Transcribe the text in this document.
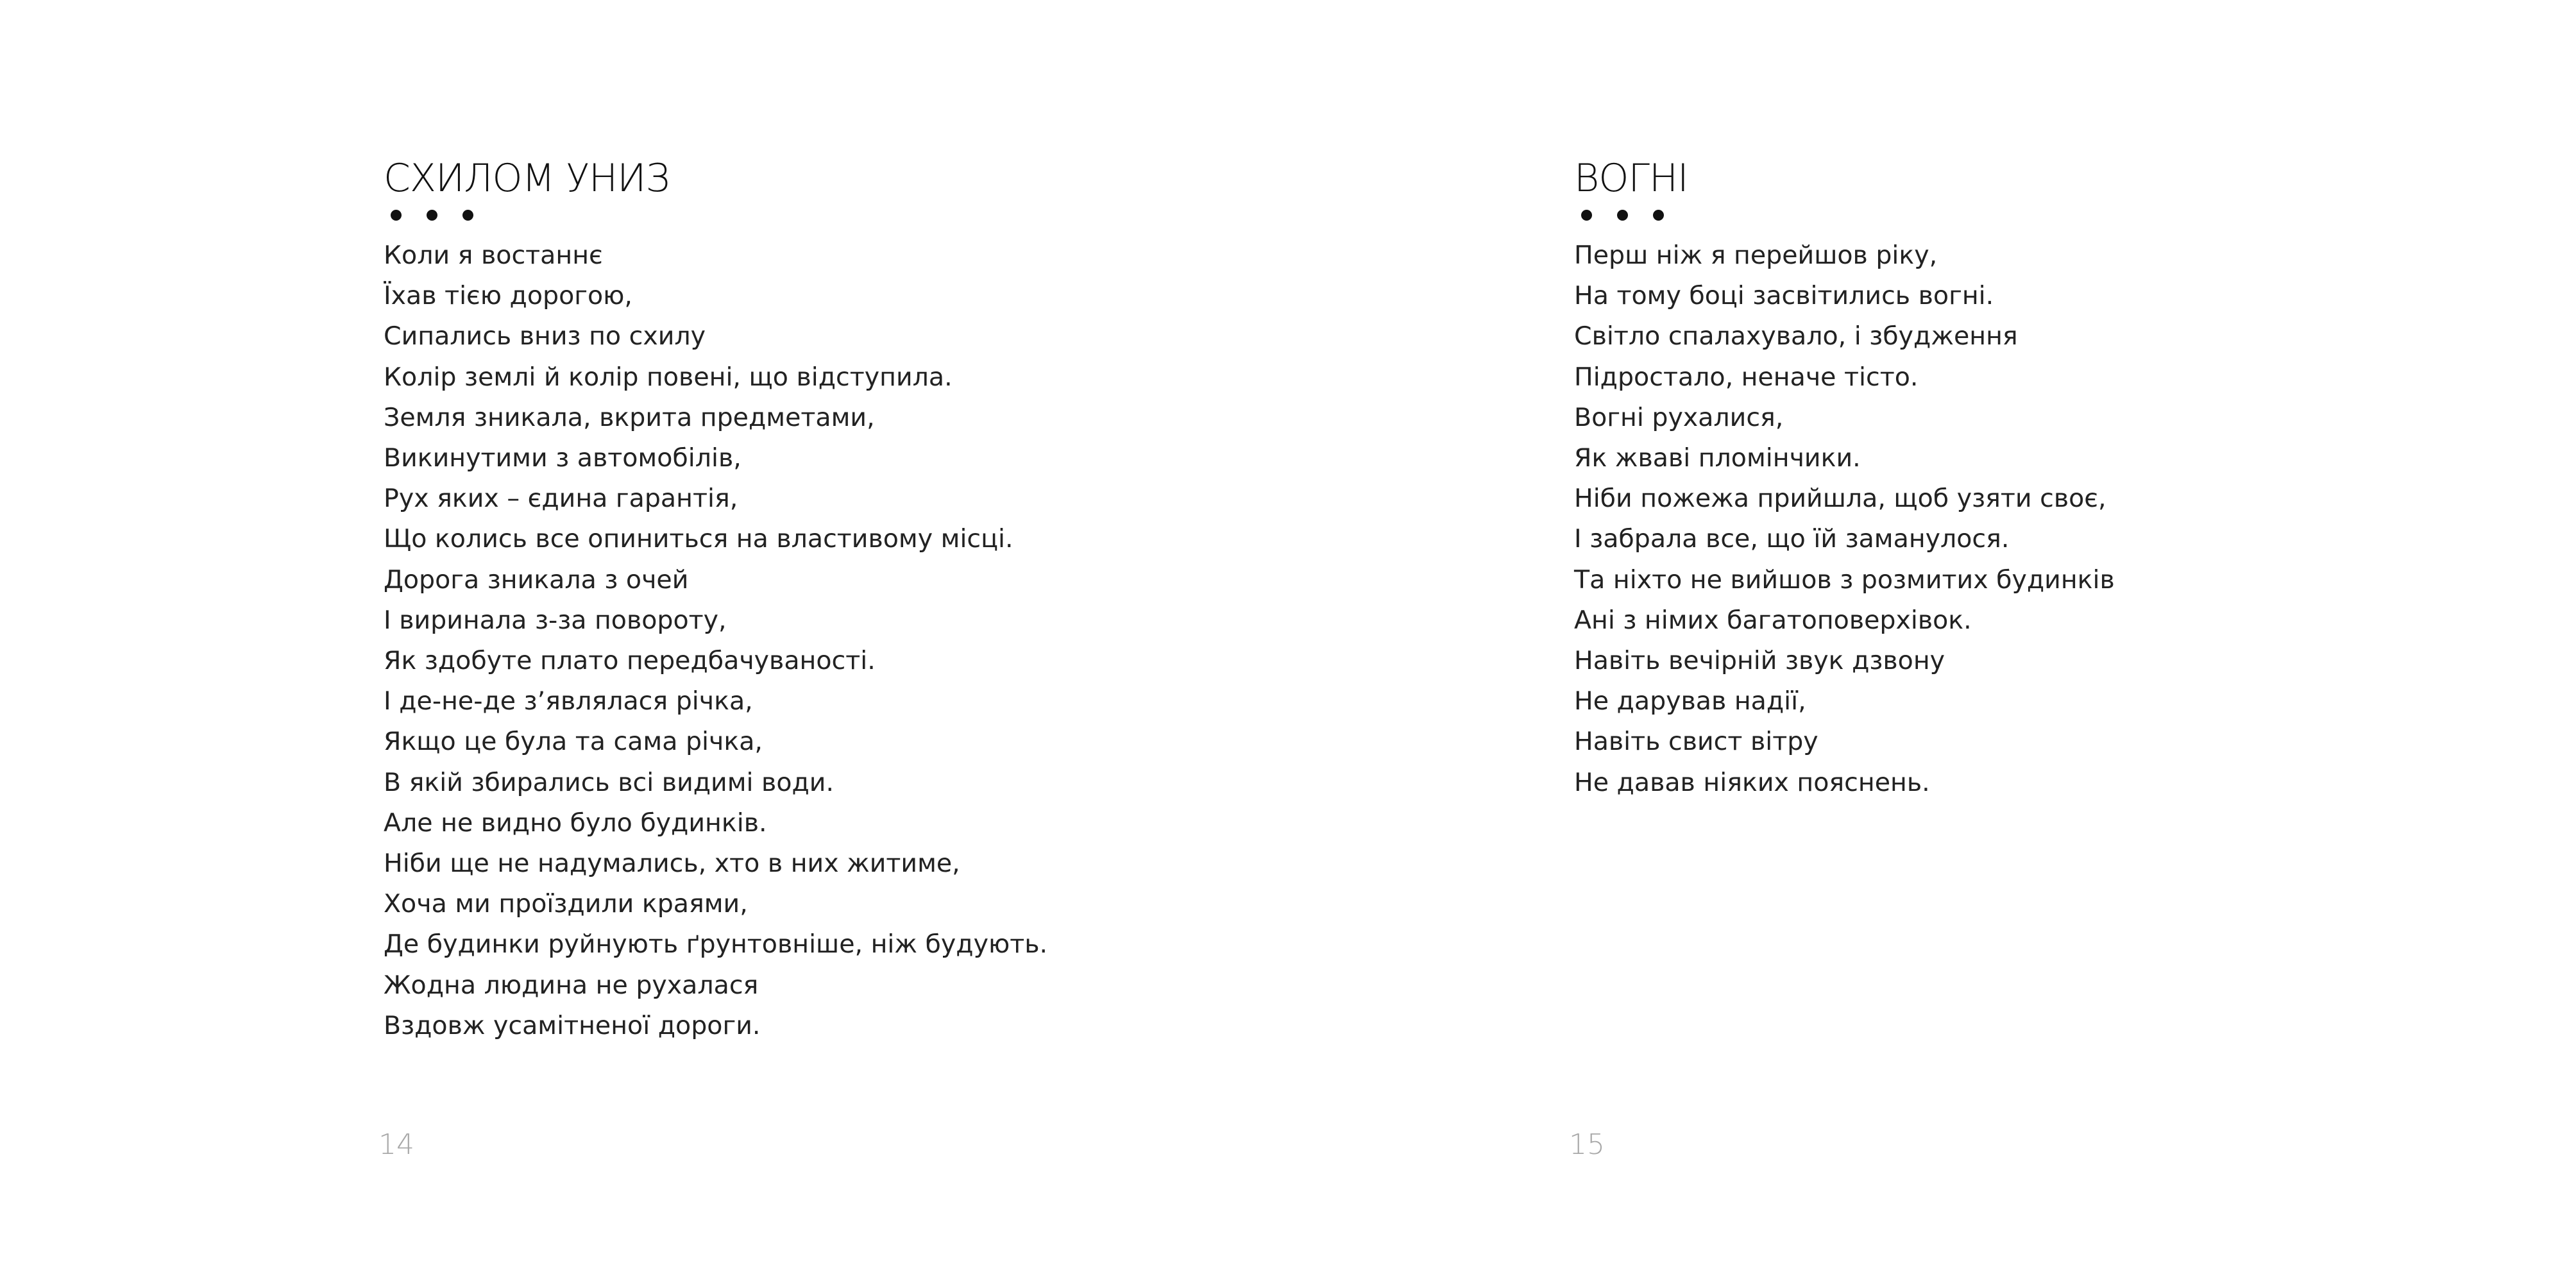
СХИЛОМ УНИЗ
Коли я востаннє
Їхав тією дорогою,
Сипались вниз по схилу
Колір землі й колір повені, що відступила.
Земля зникала, вкрита предметами,
Викинутими з автомобілів,
Рух яких – єдина гарантія,
Що колись все опиниться на властивому місці.
Дорога зникала з очей
І виринала з-за повороту,
Як здобуте плато передбачуваності.
І де-не-де з’являлася річка,
Якщо це була та сама річка,
В якій збирались всі видимі води.
Але не видно було будинків.
Ніби ще не надумались, хто в них житиме,
Хоча ми проїздили краями,
Де будинки руйнують ґрунтовніше, ніж будують.
Жодна людина не рухалася
Вздовж усамітненої дороги.
14
ВОГНІ
Перш ніж я перейшов ріку,
На тому боці засвітились вогні.
Світло спалахувало, і збудження
Підростало, неначе тісто.
Вогні рухалися,
Як жваві пломінчики.
Ніби пожежа прийшла, щоб узяти своє,
І забрала все, що їй заманулося.
Та ніхто не вийшов з розмитих будинків
Ані з німих багатоповерхівок.
Навіть вечірній звук дзвону
Не дарував надії,
Навіть свист вітру
Не давав ніяких пояснень.
15
